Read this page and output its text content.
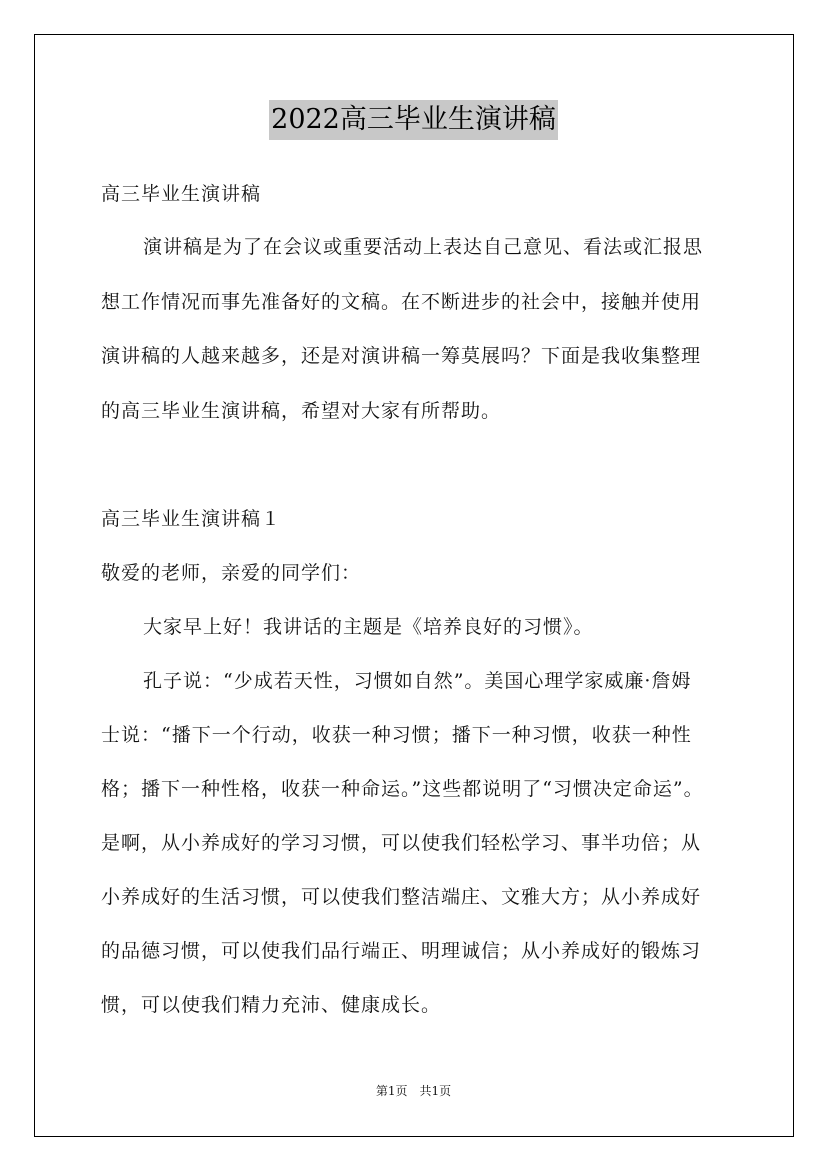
2022高三毕业生演讲稿
高三毕业生演讲稿
演讲稿是为了在会议或重要活动上表达自己意见、看法或汇报思
想工作情况而事先准备好的文稿。在不断进步的社会中，接触并使用
演讲稿的人越来越多，还是对演讲稿一筹莫展吗？下面是我收集整理
的高三毕业生演讲稿，希望对大家有所帮助。
高三毕业生演讲稿１
敬爱的老师，亲爱的同学们：
大家早上好！我讲话的主题是《培养良好的习惯》。
孔子说：“少成若天性，习惯如自然”。美国心理学家威廉·詹姆
士说：“播下一个行动，收获一种习惯；播下一种习惯，收获一种性
格；播下一种性格，收获一种命运。”这些都说明了“习惯决定命运”。
是啊，从小养成好的学习习惯，可以使我们轻松学习、事半功倍；从
小养成好的生活习惯，可以使我们整洁端庄、文雅大方；从小养成好
的品德习惯，可以使我们品行端正、明理诚信；从小养成好的锻炼习
惯，可以使我们精力充沛、健康成长。
第1页　共1页
